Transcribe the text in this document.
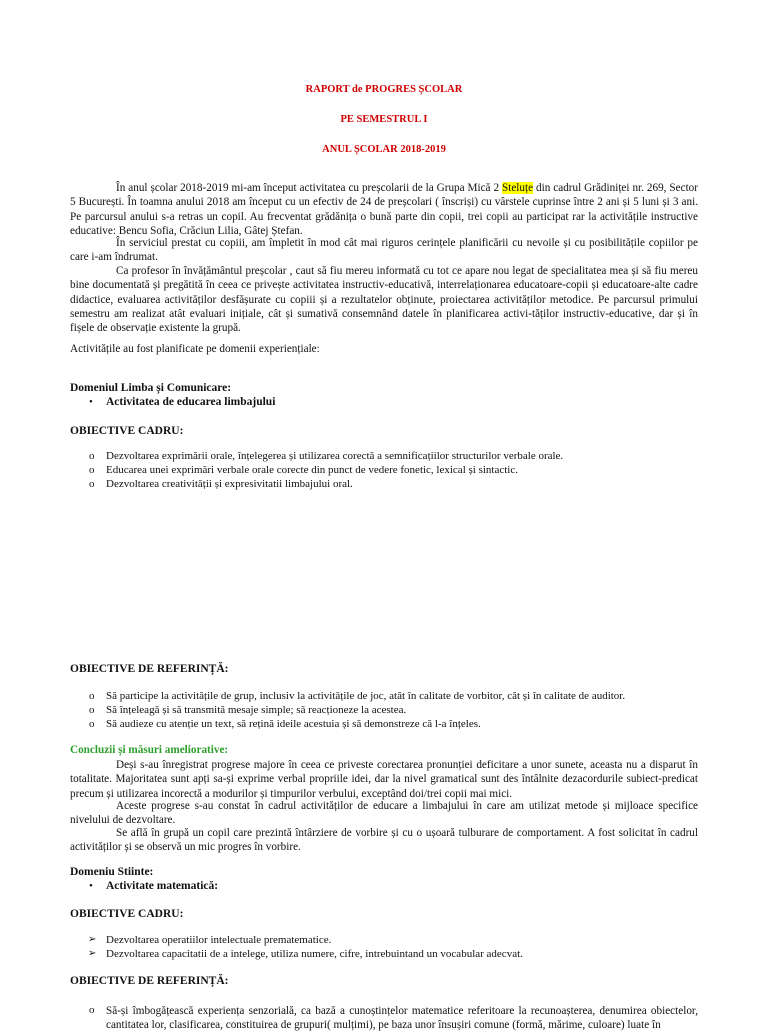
RAPORT de PROGRES ȘCOLAR
PE SEMESTRUL I
ANUL ȘCOLAR 2018-2019
În anul școlar 2018-2019 mi-am început activitatea cu preșcolarii de la Grupa Mică 2 Steluțe din cadrul Grădiniței nr. 269, Sector 5 București. În toamna anului 2018 am început cu un efectiv de 24 de preșcolari ( înscriși) cu vârstele cuprinse între 2 ani și 5 luni și 3 ani. Pe parcursul anului s-a retras un copil. Au frecventat grădănița o bună parte din copii, trei copii au participat rar la activitățile instructive educative: Bencu Sofia, Crăciun Lilia, Gâtej Ștefan.
În serviciul prestat cu copiii, am împletit în mod cât mai riguros cerințele planificării cu nevoile și cu posibilitățile copiilor pe care i-am îndrumat.
Ca profesor în învățământul preșcolar , caut să fiu mereu informată cu tot ce apare nou legat de specialitatea mea și să fiu mereu bine documentată și pregătită în ceea ce privește activitatea instructiv-educativă, interrelaționarea educatoare-copii și educatoare-alte cadre didactice, evaluarea activităților desfășurate cu copiii și a rezultatelor obținute, proiectarea activităților metodice. Pe parcursul primului semestru am realizat atât evaluari inițiale, cât și sumativă consemnând datele în planificarea activi-tăților instructiv-educative, dar și în fișele de observație existente la grupă.
Activitățile au fost planificate pe domenii experiențiale:
Domeniul Limba și Comunicare:
• Activitatea de educarea limbajului
OBIECTIVE CADRU:
o Dezvoltarea exprimării orale, înțelegerea și utilizarea corectă a semnificațiilor structurilor verbale orale.
o Educarea unei exprimări verbale orale corecte din punct de vedere fonetic, lexical și sintactic.
o Dezvoltarea creativității și expresivitatii limbajului oral.
OBIECTIVE DE REFERINȚĂ:
o Să participe la activitățile de grup, inclusiv la activitățile de joc, atât în calitate de vorbitor, cât și în calitate de auditor.
o Să înțeleagă și să transmită mesaje simple; să reacționeze la acestea.
o Să audieze cu atenție un text, să rețină ideile acestuia și să demonstreze că l-a înțeles.
Concluzii și măsuri ameliorative:
Deși s-au înregistrat progrese majore în ceea ce priveste corectarea pronunției deficitare a unor sunete, aceasta nu a disparut în totalitate. Majoritatea sunt apți sa-și exprime verbal propriile idei, dar la nivel gramatical sunt des întâlnite dezacordurile subiect-predicat precum și utilizarea incorectă a modurilor și timpurilor verbului, exceptând doi/trei copii mai mici.
Aceste progrese s-au constat în cadrul activităților de educare a limbajului în care am utilizat metode și mijloace specifice nivelului de dezvoltare.
Se află în grupă un copil care prezintă întârziere de vorbire și cu o ușoară tulburare de comportament. A fost solicitat în cadrul activităților și se observă un mic progres în vorbire.
Domeniu Stiinte:
• Activitate matematică:
OBIECTIVE CADRU:
➢ Dezvoltarea operatiilor intelectuale prematematice.
➢ Dezvoltarea capacitatii de a intelege, utiliza numere, cifre, intrebuintand un vocabular adecvat.
OBIECTIVE DE REFERINȚĂ:
o Să-și îmbogățească experiența senzorială, ca bază a cunoștințelor matematice referitoare la recunoașterea, denumirea obiectelor, cantitatea lor, clasificarea, constituirea de grupuri( mulțimi), pe baza unor însușiri comune (formă, mărime, culoare) luate în
